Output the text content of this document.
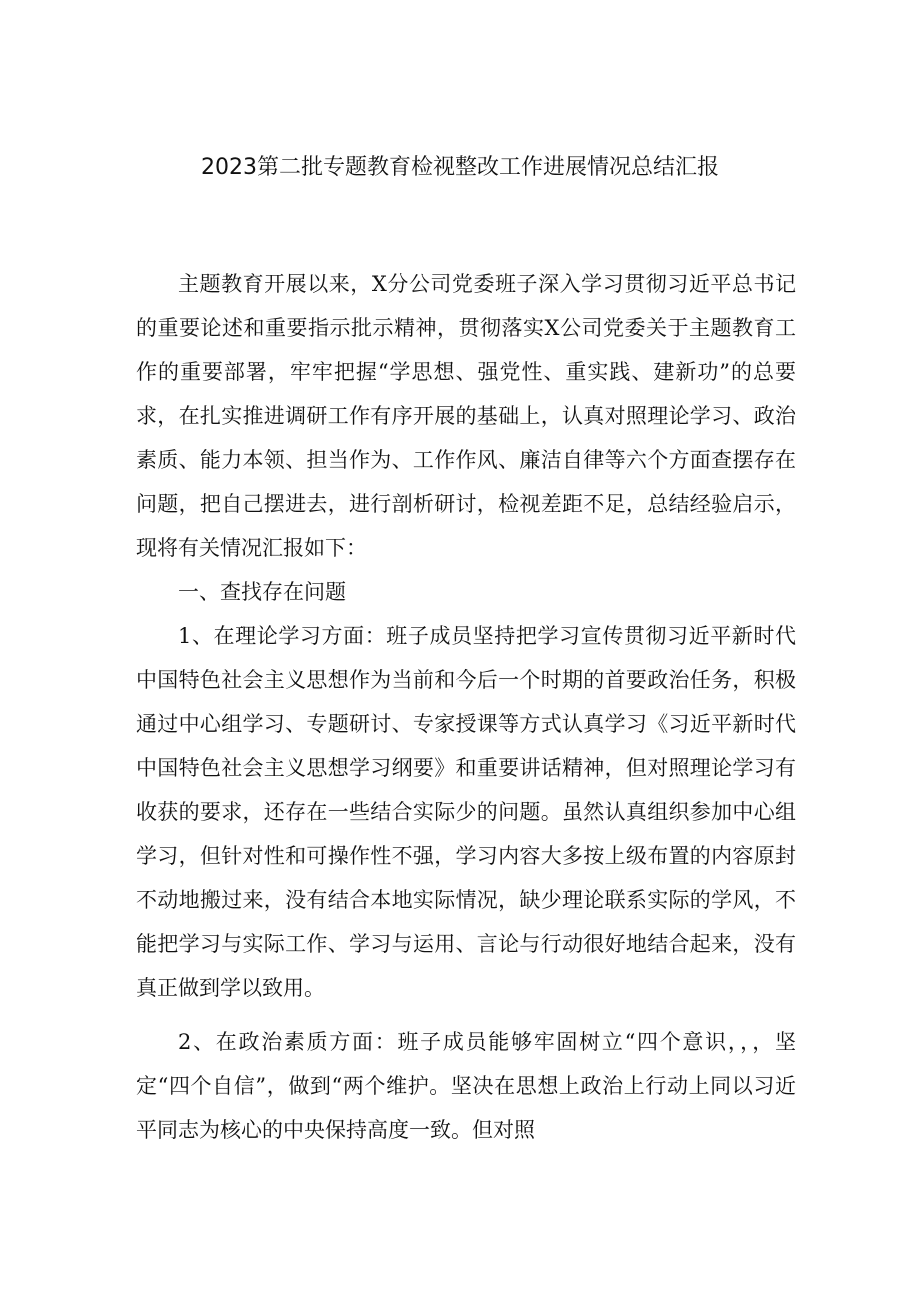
2023第二批专题教育检视整改工作进展情况总结汇报

主题教育开展以来，X分公司党委班子深入学习贯彻习近平总书记的重要论述和重要指示批示精神，贯彻落实X公司党委关于主题教育工作的重要部署，牢牢把握“学思想、强党性、重实践、建新功”的总要求，在扎实推进调研工作有序开展的基础上，认真对照理论学习、政治素质、能力本领、担当作为、工作作风、廉洁自律等六个方面查摆存在问题，把自己摆进去，进行剖析研讨，检视差距不足，总结经验启示，现将有关情况汇报如下：

一、查找存在问题

1、在理论学习方面：班子成员坚持把学习宣传贯彻习近平新时代中国特色社会主义思想作为当前和今后一个时期的首要政治任务，积极通过中心组学习、专题研讨、专家授课等方式认真学习《习近平新时代中国特色社会主义思想学习纲要》和重要讲话精神，但对照理论学习有收获的要求，还存在一些结合实际少的问题。虽然认真组织参加中心组学习，但针对性和可操作性不强，学习内容大多按上级布置的内容原封不动地搬过来，没有结合本地实际情况，缺少理论联系实际的学风，不能把学习与实际工作、学习与运用、言论与行动很好地结合起来，没有真正做到学以致用。

2、在政治素质方面：班子成员能够牢固树立“四个意识，，，坚定“四个自信”，做到“两个维护。坚决在思想上政治上行动上同以习近平同志为核心的中央保持高度一致。但对照
